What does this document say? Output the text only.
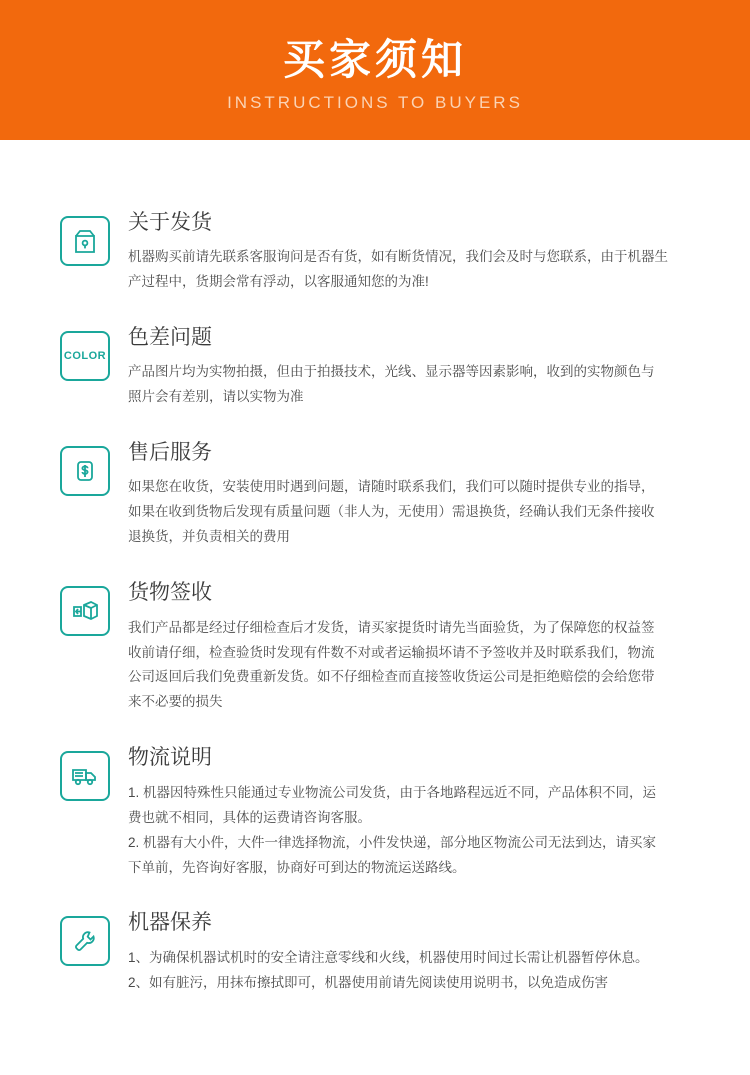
买家须知
INSTRUCTIONS TO BUYERS
关于发货

机器购买前请先联系客服询问是否有货，如有断货情况，我们会及时与您联系，由于机器生
产过程中，货期会常有浮动，以客服通知您的为准!

COLOR
色差问题

产品图片均为实物拍摄，但由于拍摄技术，光线、显示器等因素影响，收到的实物颜色与
照片会有差别，请以实物为准

售后服务

如果您在收货，安装使用时遇到问题，请随时联系我们，我们可以随时提供专业的指导，
如果在收到货物后发现有质量问题（非人为，无使用）需退换货，经确认我们无条件接收
退换货，并负责相关的费用

货物签收

我们产品都是经过仔细检查后才发货，请买家提货时请先当面验货，为了保障您的权益签
收前请仔细，检查验货时发现有件数不对或者运输损坏请不予签收并及时联系我们，物流
公司返回后我们免费重新发货。如不仔细检查而直接签收货运公司是拒绝赔偿的会给您带
来不必要的损失

物流说明

1. 机器因特殊性只能通过专业物流公司发货，由于各地路程远近不同，产品体积不同，运
费也就不相同，具体的运费请咨询客服。
2. 机器有大小件，大件一律选择物流，小件发快递，部分地区物流公司无法到达，请买家
下单前，先咨询好客服，协商好可到达的物流运送路线。

机器保养

1、为确保机器试机时的安全请注意零线和火线，机器使用时间过长需让机器暂停休息。
2、如有脏污，用抹布擦拭即可，机器使用前请先阅读使用说明书，以免造成伤害
